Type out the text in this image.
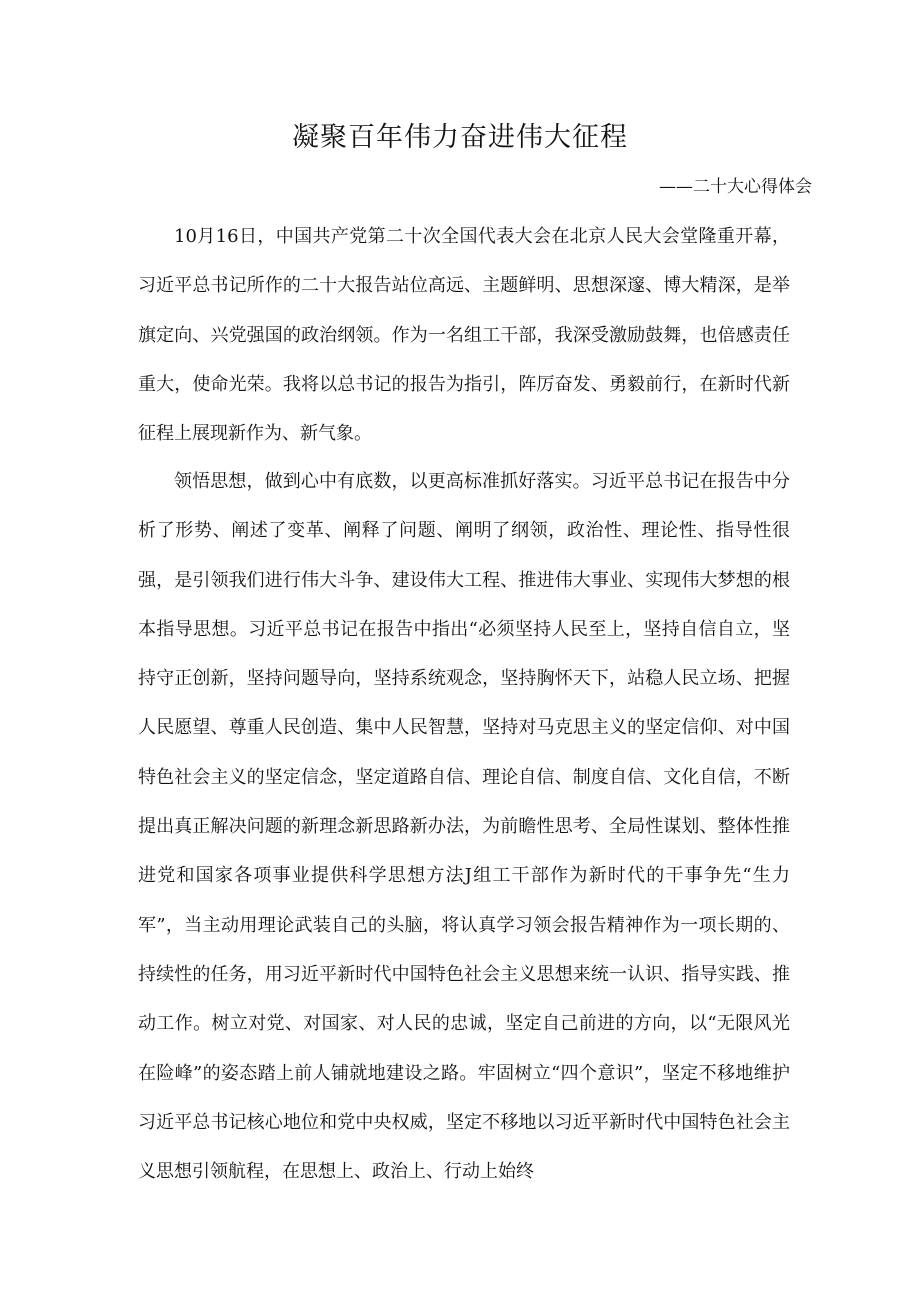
凝聚百年伟力奋进伟大征程

——二十大心得体会

10月16日，中国共产党第二十次全国代表大会在北京人民大会堂隆重开幕，习近平总书记所作的二十大报告站位高远、主题鲜明、思想深邃、博大精深，是举旗定向、兴党强国的政治纲领。作为一名组工干部，我深受激励鼓舞，也倍感责任重大，使命光荣。我将以总书记的报告为指引，阵厉奋发、勇毅前行，在新时代新征程上展现新作为、新气象。

领悟思想，做到心中有底数，以更高标准抓好落实。习近平总书记在报告中分析了形势、阐述了变革、阐释了问题、阐明了纲领，政治性、理论性、指导性很强，是引领我们进行伟大斗争、建设伟大工程、推进伟大事业、实现伟大梦想的根本指导思想。习近平总书记在报告中指出“必须坚持人民至上，坚持自信自立，坚持守正创新，坚持问题导向，坚持系统观念，坚持胸怀天下，站稳人民立场、把握人民愿望、尊重人民创造、集中人民智慧，坚持对马克思主义的坚定信仰、对中国特色社会主义的坚定信念，坚定道路自信、理论自信、制度自信、文化自信，不断提出真正解决问题的新理念新思路新办法，为前瞻性思考、全局性谋划、整体性推进党和国家各项事业提供科学思想方法J组工干部作为新时代的干事争先“生力军”，当主动用理论武装自己的头脑，将认真学习领会报告精神作为一项长期的、持续性的任务，用习近平新时代中国特色社会主义思想来统一认识、指导实践、推动工作。树立对党、对国家、对人民的忠诚，坚定自己前进的方向，以“无限风光在险峰”的姿态踏上前人铺就地建设之路。牢固树立“四个意识”，坚定不移地维护习近平总书记核心地位和党中央权威，坚定不移地以习近平新时代中国特色社会主义思想引领航程，在思想上、政治上、行动上始终
